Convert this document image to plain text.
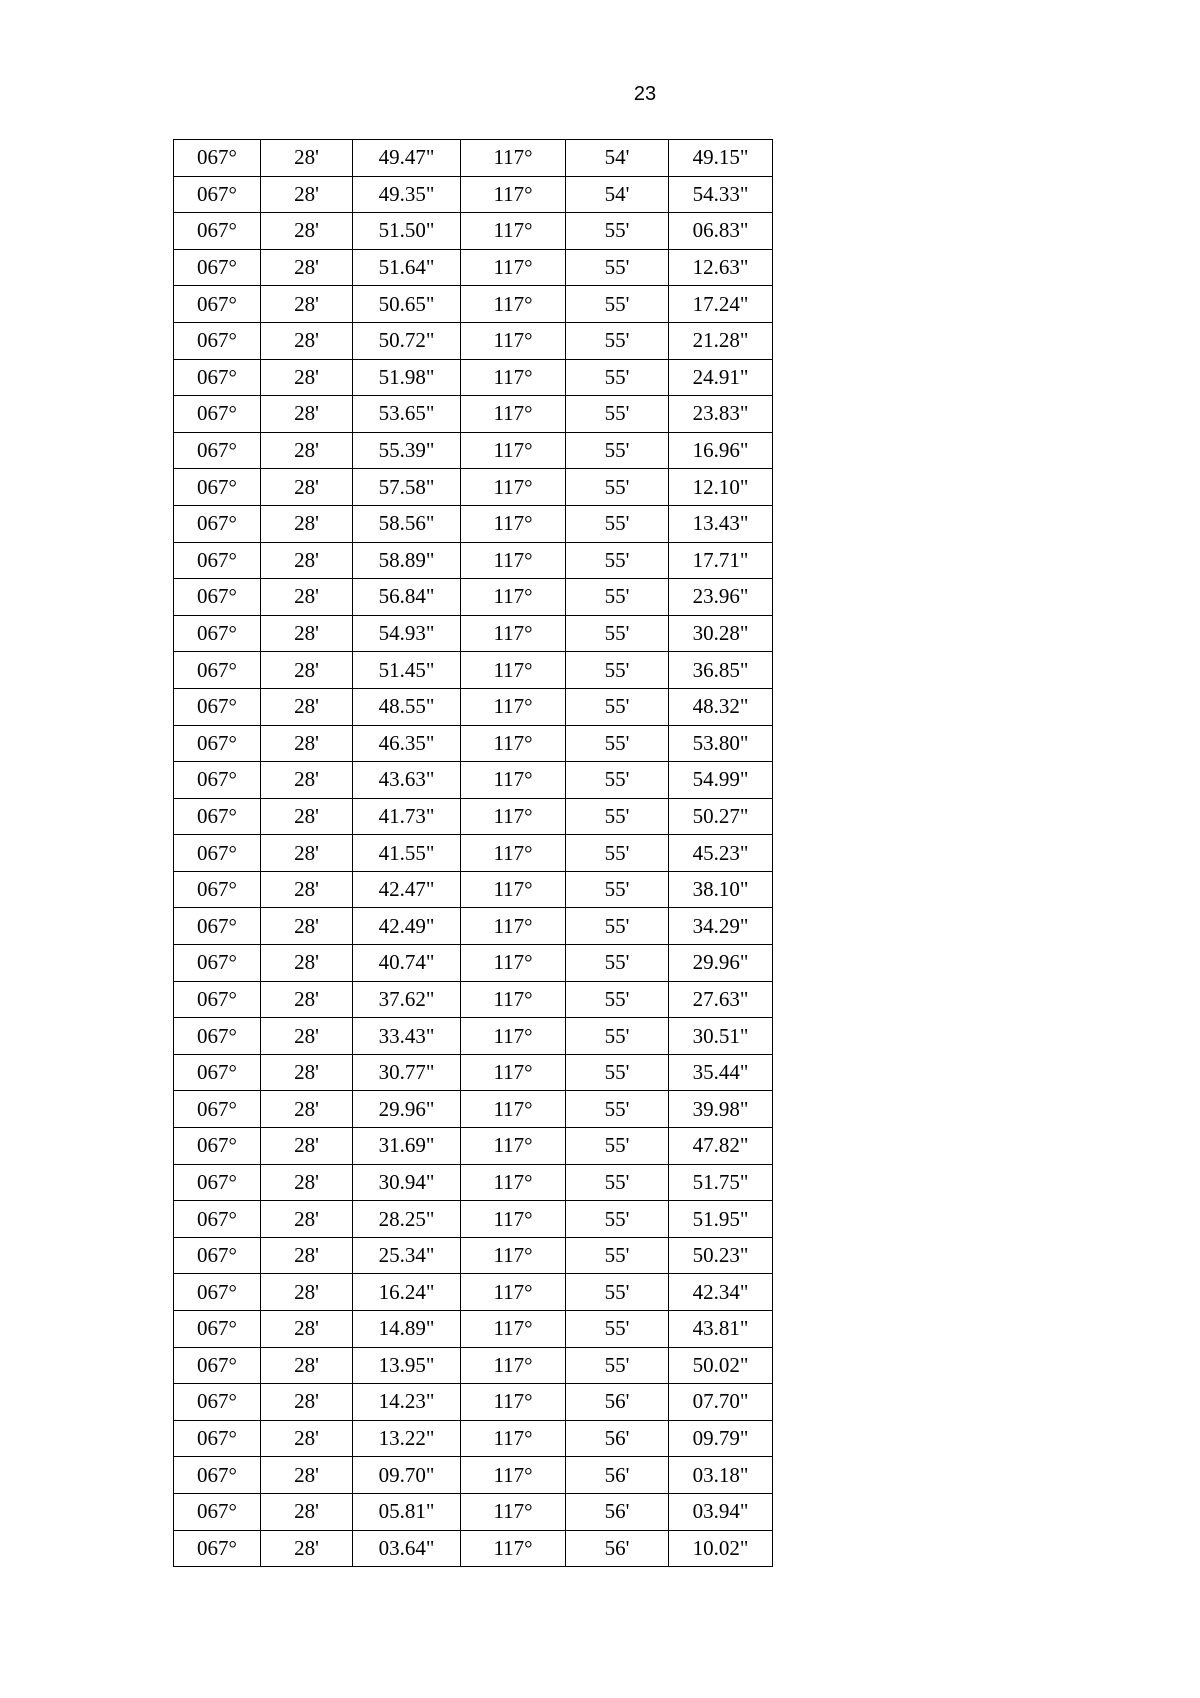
23
067°	28'	49.47"	117°	54'	49.15"
067°	28'	49.35"	117°	54'	54.33"
067°	28'	51.50"	117°	55'	06.83"
067°	28'	51.64"	117°	55'	12.63"
067°	28'	50.65"	117°	55'	17.24"
067°	28'	50.72"	117°	55'	21.28"
067°	28'	51.98"	117°	55'	24.91"
067°	28'	53.65"	117°	55'	23.83"
067°	28'	55.39"	117°	55'	16.96"
067°	28'	57.58"	117°	55'	12.10"
067°	28'	58.56"	117°	55'	13.43"
067°	28'	58.89"	117°	55'	17.71"
067°	28'	56.84"	117°	55'	23.96"
067°	28'	54.93"	117°	55'	30.28"
067°	28'	51.45"	117°	55'	36.85"
067°	28'	48.55"	117°	55'	48.32"
067°	28'	46.35"	117°	55'	53.80"
067°	28'	43.63"	117°	55'	54.99"
067°	28'	41.73"	117°	55'	50.27"
067°	28'	41.55"	117°	55'	45.23"
067°	28'	42.47"	117°	55'	38.10"
067°	28'	42.49"	117°	55'	34.29"
067°	28'	40.74"	117°	55'	29.96"
067°	28'	37.62"	117°	55'	27.63"
067°	28'	33.43"	117°	55'	30.51"
067°	28'	30.77"	117°	55'	35.44"
067°	28'	29.96"	117°	55'	39.98"
067°	28'	31.69"	117°	55'	47.82"
067°	28'	30.94"	117°	55'	51.75"
067°	28'	28.25"	117°	55'	51.95"
067°	28'	25.34"	117°	55'	50.23"
067°	28'	16.24"	117°	55'	42.34"
067°	28'	14.89"	117°	55'	43.81"
067°	28'	13.95"	117°	55'	50.02"
067°	28'	14.23"	117°	56'	07.70"
067°	28'	13.22"	117°	56'	09.79"
067°	28'	09.70"	117°	56'	03.18"
067°	28'	05.81"	117°	56'	03.94"
067°	28'	03.64"	117°	56'	10.02"
